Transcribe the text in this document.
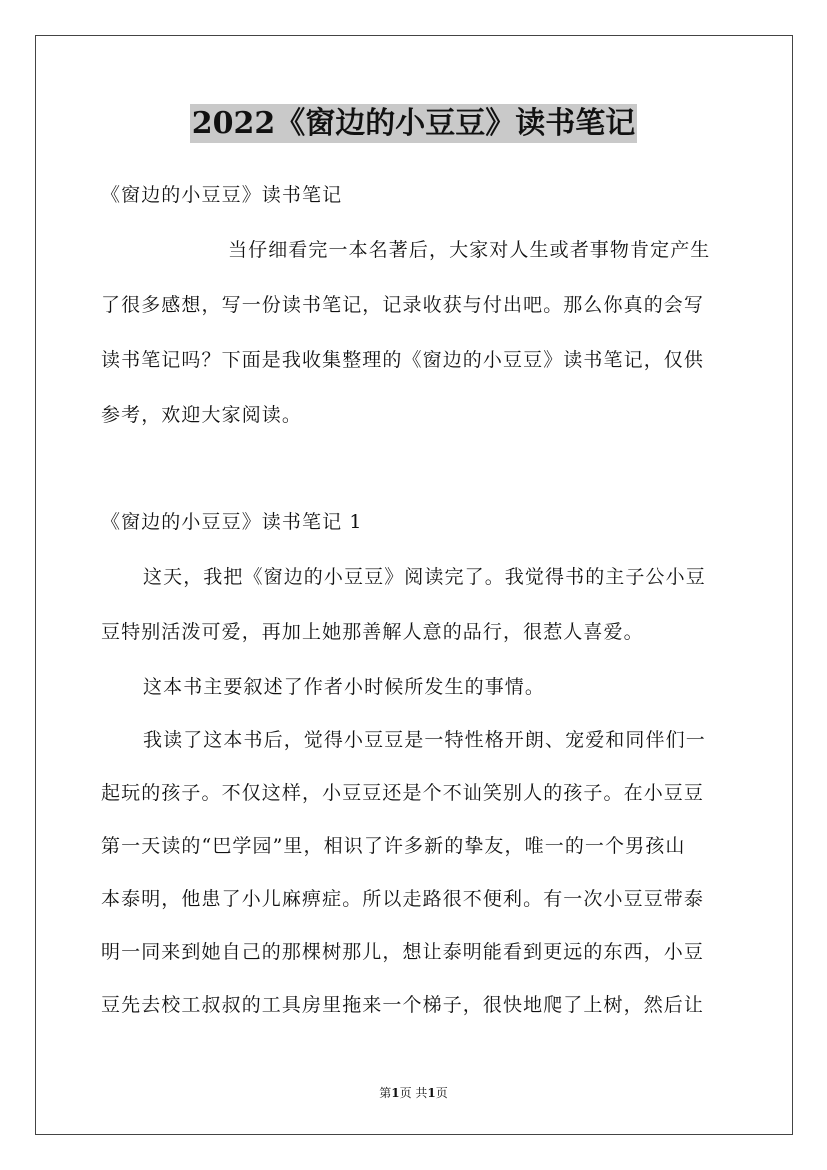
2022《窗边的小豆豆》读书笔记
《窗边的小豆豆》读书笔记
当仔细看完一本名著后，大家对人生或者事物肯定产生
了很多感想，写一份读书笔记，记录收获与付出吧。那么你真的会写
读书笔记吗？下面是我收集整理的《窗边的小豆豆》读书笔记，仅供
参考，欢迎大家阅读。
《窗边的小豆豆》读书笔记 1
这天，我把《窗边的小豆豆》阅读完了。我觉得书的主子公小豆
豆特别活泼可爱，再加上她那善解人意的品行，很惹人喜爱。
这本书主要叙述了作者小时候所发生的事情。
我读了这本书后，觉得小豆豆是一特性格开朗、宠爱和同伴们一
起玩的孩子。不仅这样，小豆豆还是个不讪笑别人的孩子。在小豆豆
第一天读的“巴学园”里，相识了许多新的挚友，唯一的一个男孩山
本泰明，他患了小儿麻痹症。所以走路很不便利。有一次小豆豆带泰
明一同来到她自己的那棵树那儿，想让泰明能看到更远的东西，小豆
豆先去校工叔叔的工具房里拖来一个梯子，很快地爬了上树，然后让
第1页 共1页
